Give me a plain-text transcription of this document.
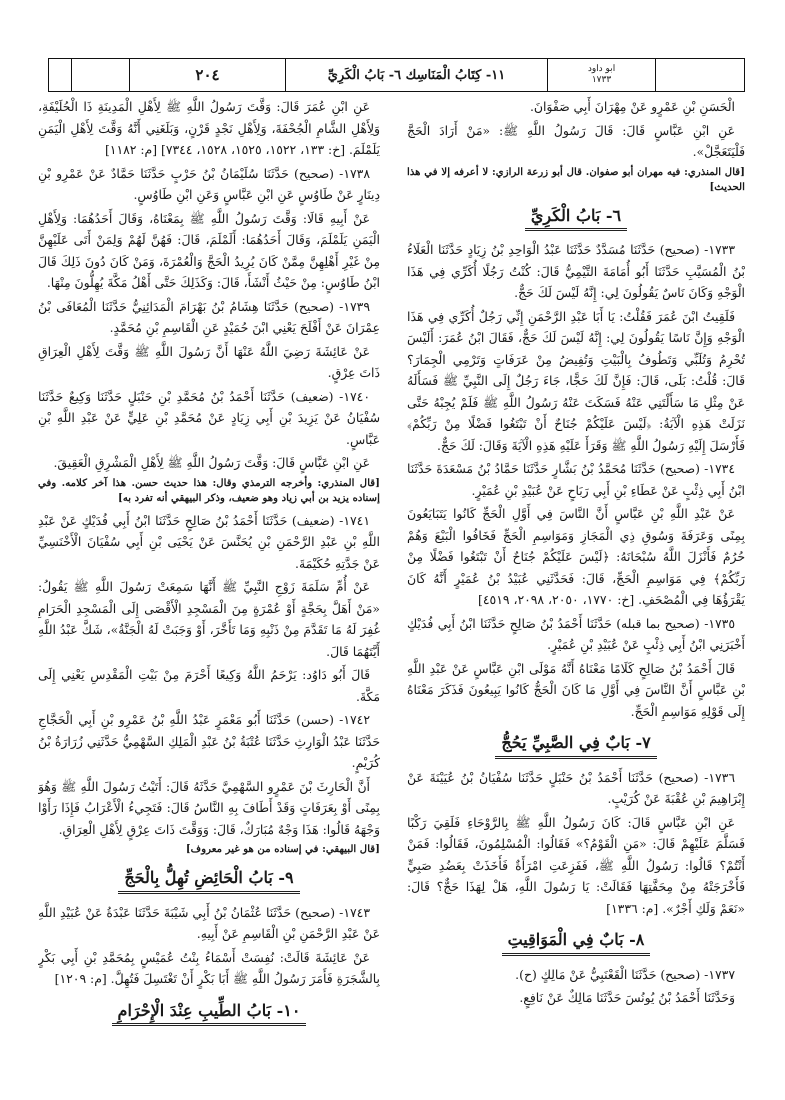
٢٠٤	١١- كِتَابُ الْمَنَاسِك ٦- بَابُ الْكَرِيِّ	ابو داود
١٧٣٣

الْحَسَنِ بْنِ عَمْرٍو عَنْ مِهْرَانَ أَبِي صَفْوَانَ.

عَنِ ابْنِ عَبَّاسٍ قَالَ: قَالَ رَسُولُ اللَّهِ ﷺ: «مَنْ أَرَادَ الْحَجَّ فَلْيَتَعَجَّلْ».

[قال المنذري: فيه مهران أبو صفوان. قال أبو زرعة الرازي: لا أعرفه إلا في هذا الحديث]

٦- بَابُ الْكَرِيِّ

١٧٣٣- (صحيح) حَدَّثَنَا مُسَدَّدٌ حَدَّثَنَا عَبْدُ الْوَاحِدِ بْنُ زِيَادٍ حَدَّثَنَا الْعَلَاءُ بْنُ الْمُسَيَّبِ حَدَّثَنَا أَبُو أُمَامَةَ التَّيْمِيُّ قَالَ: كُنْتُ رَجُلًا أُكَرِّي فِي هَذَا الْوَجْهِ وَكَانَ نَاسٌ يَقُولُونَ لِي: إِنَّهُ لَيْسَ لَكَ حَجٌّ.

فَلَقِيتُ ابْنَ عُمَرَ فَقُلْتُ: يَا أَبَا عَبْدِ الرَّحْمَنِ إِنِّي رَجُلٌ أُكَرِّي فِي هَذَا الْوَجْهِ وَإِنَّ نَاسًا يَقُولُونَ لِي: إِنَّهُ لَيْسَ لَكَ حَجٌّ، فَقَالَ ابْنُ عُمَرَ: أَلَيْسَ تُحْرِمُ وَتُلَبِّي وَتَطُوفُ بِالْبَيْتِ وَتُفِيضُ مِنْ عَرَفَاتٍ وَتَرْمِي الْجِمَارَ؟ قَالَ: قُلْتُ: بَلَى، قَالَ: فَإِنَّ لَكَ حَجًّا، جَاءَ رَجُلٌ إِلَى النَّبِيِّ ﷺ فَسَأَلَهُ عَنْ مِثْلِ مَا سَأَلْتَنِي عَنْهُ فَسَكَتَ عَنْهُ رَسُولُ اللَّهِ ﷺ فَلَمْ يُجِبْهُ حَتَّى نَزَلَتْ هَذِهِ الْآيَةُ: ﴿لَيْسَ عَلَيْكُمْ جُنَاحٌ أَنْ تَبْتَغُوا فَضْلًا مِنْ رَبِّكُمْ﴾ فَأَرْسَلَ إِلَيْهِ رَسُولُ اللَّهِ ﷺ وَقَرَأَ عَلَيْهِ هَذِهِ الْآيَةَ وَقَالَ: لَكَ حَجٌّ.

١٧٣٤- (صحيح) حَدَّثَنَا مُحَمَّدُ بْنُ بَشَّارٍ حَدَّثَنَا حَمَّادُ بْنُ مَسْعَدَةَ حَدَّثَنَا ابْنُ أَبِي ذِئْبٍ عَنْ عَطَاءِ بْنِ أَبِي رَبَاحٍ عَنْ عُبَيْدِ بْنِ عُمَيْرٍ.

عَنْ عَبْدِ اللَّهِ بْنِ عَبَّاسٍ أَنَّ النَّاسَ فِي أَوَّلِ الْحَجِّ كَانُوا يَتَبَايَعُونَ بِمِنًى وَعَرَفَةَ وَسُوقِ ذِي الْمَجَازِ وَمَوَاسِمِ الْحَجِّ فَخَافُوا الْبَيْعَ وَهُمْ حُرُمٌ فَأَنْزَلَ اللَّهُ سُبْحَانَهُ: ﴿لَيْسَ عَلَيْكُمْ جُنَاحٌ أَنْ تَبْتَغُوا فَضْلًا مِنْ رَبِّكُمْ﴾ فِي مَوَاسِمِ الْحَجِّ، قَالَ: فَحَدَّثَنِي عُبَيْدُ بْنُ عُمَيْرٍ أَنَّهُ كَانَ يَقْرَؤُهَا فِي الْمُصْحَفِ. [خ: ١٧٧٠، ٢٠٥٠، ٢٠٩٨، ٤٥١٩]

١٧٣٥- (صحيح بما قبله) حَدَّثَنَا أَحْمَدُ بْنُ صَالِحٍ حَدَّثَنَا ابْنُ أَبِي فُدَيْكٍ أَخْبَرَنِي ابْنُ أَبِي ذِئْبٍ عَنْ عُبَيْدِ بْنِ عُمَيْرٍ.

قَالَ أَحْمَدُ بْنُ صَالِحٍ كَلَامًا مَعْنَاهُ أَنَّهُ مَوْلَى ابْنِ عَبَّاسٍ عَنْ عَبْدِ اللَّهِ بْنِ عَبَّاسٍ أَنَّ النَّاسَ فِي أَوَّلِ مَا كَانَ الْحَجُّ كَانُوا يَبِيعُونَ فَذَكَرَ مَعْنَاهُ إِلَى قَوْلِهِ مَوَاسِمِ الْحَجِّ.

٧- بَابٌ فِي الصَّبِيِّ يَحُجُّ

١٧٣٦- (صحيح) حَدَّثَنَا أَحْمَدُ بْنُ حَنْبَلٍ حَدَّثَنَا سُفْيَانُ بْنُ عُيَيْنَةَ عَنْ إِبْرَاهِيمَ بْنِ عُقْبَةَ عَنْ كُرَيْبٍ.

عَنِ ابْنِ عَبَّاسٍ قَالَ: كَانَ رَسُولُ اللَّهِ ﷺ بِالرَّوْحَاءِ فَلَقِيَ رَكْبًا فَسَلَّمَ عَلَيْهِمْ قَالَ: «مَنِ الْقَوْمُ؟» فَقَالُوا: الْمُسْلِمُونَ، فَقَالُوا: فَمَنْ أَنْتُمْ؟ قَالُوا: رَسُولُ اللَّهِ ﷺ، فَفَزِعَتِ امْرَأَةٌ فَأَخَذَتْ بِعَضُدِ صَبِيٍّ فَأَخْرَجَتْهُ مِنْ مِحَفَّتِهَا فَقَالَتْ: يَا رَسُولَ اللَّهِ، هَلْ لِهَذَا حَجٌّ؟ قَالَ: «نَعَمْ وَلَكِ أَجْرٌ». [م: ١٣٣٦]

٨- بَابٌ فِي الْمَوَاقِيتِ

١٧٣٧- (صحيح) حَدَّثَنَا الْقَعْنَبِيُّ عَنْ مَالِكٍ (ح).

وَحَدَّثَنَا أَحْمَدُ بْنُ يُونُسَ حَدَّثَنَا مَالِكٌ عَنْ نَافِعٍ.

عَنِ ابْنِ عُمَرَ قَالَ: وَقَّتَ رَسُولُ اللَّهِ ﷺ لِأَهْلِ الْمَدِينَةِ ذَا الْحُلَيْفَةِ، وَلِأَهْلِ الشَّامِ الْجُحْفَةَ، وَلِأَهْلِ نَجْدٍ قَرْنٍ، وَبَلَغَنِي أَنَّهُ وَقَّتَ لِأَهْلِ الْيَمَنِ يَلَمْلَمَ. [خ: ١٣٣، ١٥٢٢، ١٥٢٥، ١٥٢٨، ٧٣٤٤] [م: ١١٨٢]

١٧٣٨- (صحيح) حَدَّثَنَا سُلَيْمَانُ بْنُ حَرْبٍ حَدَّثَنَا حَمَّادٌ عَنْ عَمْرِو بْنِ دِينَارٍ عَنْ طَاوُسٍ عَنِ ابْنِ عَبَّاسٍ وَعَنِ ابْنِ طَاوُسٍ.

عَنْ أَبِيهِ قَالَا: وَقَّتَ رَسُولُ اللَّهِ ﷺ بِمَعْنَاهُ، وَقَالَ أَحَدُهُمَا: وَلِأَهْلِ الْيَمَنِ يَلَمْلَمَ، وَقَالَ أَحَدُهُمَا: أَلَمْلَمَ، قَالَ: فَهُنَّ لَهُمْ وَلِمَنْ أَتَى عَلَيْهِنَّ مِنْ غَيْرِ أَهْلِهِنَّ مِمَّنْ كَانَ يُرِيدُ الْحَجَّ وَالْعُمْرَةَ، وَمَنْ كَانَ دُونَ ذَلِكَ قَالَ ابْنُ طَاوُسٍ: مِنْ حَيْثُ أَنْشَأَ، قَالَ: وَكَذَلِكَ حَتَّى أَهْلُ مَكَّةَ يُهِلُّونَ مِنْهَا.

١٧٣٩- (صحيح) حَدَّثَنَا هِشَامُ بْنُ بَهْرَامَ الْمَدَائِنِيُّ حَدَّثَنَا الْمُعَافَى بْنُ عِمْرَانَ عَنْ أَفْلَحَ يَعْنِي ابْنَ حُمَيْدٍ عَنِ الْقَاسِمِ بْنِ مُحَمَّدٍ.

عَنْ عَائِشَةَ رَضِيَ اللَّهُ عَنْهَا أَنَّ رَسُولَ اللَّهِ ﷺ وَقَّتَ لِأَهْلِ الْعِرَاقِ ذَاتَ عِرْقٍ.

١٧٤٠- (ضعيف) حَدَّثَنَا أَحْمَدُ بْنُ مُحَمَّدِ بْنِ حَنْبَلٍ حَدَّثَنَا وَكِيعٌ حَدَّثَنَا سُفْيَانُ عَنْ يَزِيدَ بْنِ أَبِي زِيَادٍ عَنْ مُحَمَّدِ بْنِ عَلِيٍّ عَنْ عَبْدِ اللَّهِ بْنِ عَبَّاسٍ.

عَنِ ابْنِ عَبَّاسٍ قَالَ: وَقَّتَ رَسُولُ اللَّهِ ﷺ لِأَهْلِ الْمَشْرِقِ الْعَقِيقَ.

[قال المنذري: وأخرجه الترمذي وقال: هذا حديث حسن. هذا آخر كلامه. وفي إسناده يزيد بن أبي زياد وهو ضعيف، وذكر البيهقي أنه تفرد به]

١٧٤١- (ضعيف) حَدَّثَنَا أَحْمَدُ بْنُ صَالِحٍ حَدَّثَنَا ابْنُ أَبِي فُدَيْكٍ عَنْ عَبْدِ اللَّهِ بْنِ عَبْدِ الرَّحْمَنِ بْنِ يُحَنَّسَ عَنْ يَحْيَى بْنِ أَبِي سُفْيَانَ الْأَخْنَسِيِّ عَنْ جَدَّتِهِ حُكَيْمَةَ.

عَنْ أُمِّ سَلَمَةَ زَوْجِ النَّبِيِّ ﷺ أَنَّهَا سَمِعَتْ رَسُولَ اللَّهِ ﷺ يَقُولُ: «مَنْ أَهَلَّ بِحَجَّةٍ أَوْ عُمْرَةٍ مِنَ الْمَسْجِدِ الْأَقْصَى إِلَى الْمَسْجِدِ الْحَرَامِ غُفِرَ لَهُ مَا تَقَدَّمَ مِنْ ذَنْبِهِ وَمَا تَأَخَّرَ، أَوْ وَجَبَتْ لَهُ الْجَنَّةُ»، شَكَّ عَبْدُ اللَّهِ أَيَّتَهُمَا قَالَ.

قَالَ أَبُو دَاوُد: يَرْحَمُ اللَّهُ وَكِيعًا أَحْرَمَ مِنْ بَيْتِ الْمَقْدِسِ يَعْنِي إِلَى مَكَّةَ.

١٧٤٢- (حسن) حَدَّثَنَا أَبُو مَعْمَرٍ عَبْدُ اللَّهِ بْنُ عَمْرِو بْنِ أَبِي الْحَجَّاجِ حَدَّثَنَا عَبْدُ الْوَارِثِ حَدَّثَنَا عُتْبَةُ بْنُ عَبْدِ الْمَلِكِ السَّهْمِيُّ حَدَّثَنِي زُرَارَةُ بْنُ كُرَيْمٍ.

أَنَّ الْحَارِثَ بْنَ عَمْرٍو السَّهْمِيَّ حَدَّثَهُ قَالَ: أَتَيْتُ رَسُولَ اللَّهِ ﷺ وَهُوَ بِمِنًى أَوْ بِعَرَفَاتٍ وَقَدْ أَطَافَ بِهِ النَّاسُ قَالَ: فَتَجِيءُ الْأَعْرَابُ فَإِذَا رَأَوْا وَجْهَهُ قَالُوا: هَذَا وَجْهٌ مُبَارَكٌ، قَالَ: وَوَقَّتَ ذَاتَ عِرْقٍ لِأَهْلِ الْعِرَاقِ.

[قال البيهقي: في إسناده من هو غير معروف]

٩- بَابُ الْحَائِضِ تُهِلُّ بِالْحَجِّ

١٧٤٣- (صحيح) حَدَّثَنَا عُثْمَانُ بْنُ أَبِي شَيْبَةَ حَدَّثَنَا عَبْدَةُ عَنْ عُبَيْدِ اللَّهِ عَنْ عَبْدِ الرَّحْمَنِ بْنِ الْقَاسِمِ عَنْ أَبِيهِ.

عَنْ عَائِشَةَ قَالَتْ: نُفِسَتْ أَسْمَاءُ بِنْتُ عُمَيْسٍ بِمُحَمَّدِ بْنِ أَبِي بَكْرٍ بِالشَّجَرَةِ فَأَمَرَ رَسُولُ اللَّهِ ﷺ أَبَا بَكْرٍ أَنْ تَغْتَسِلَ فَتُهِلَّ. [م: ١٢٠٩]

١٠- بَابُ الطِّيبِ عِنْدَ الْإِحْرَامِ
